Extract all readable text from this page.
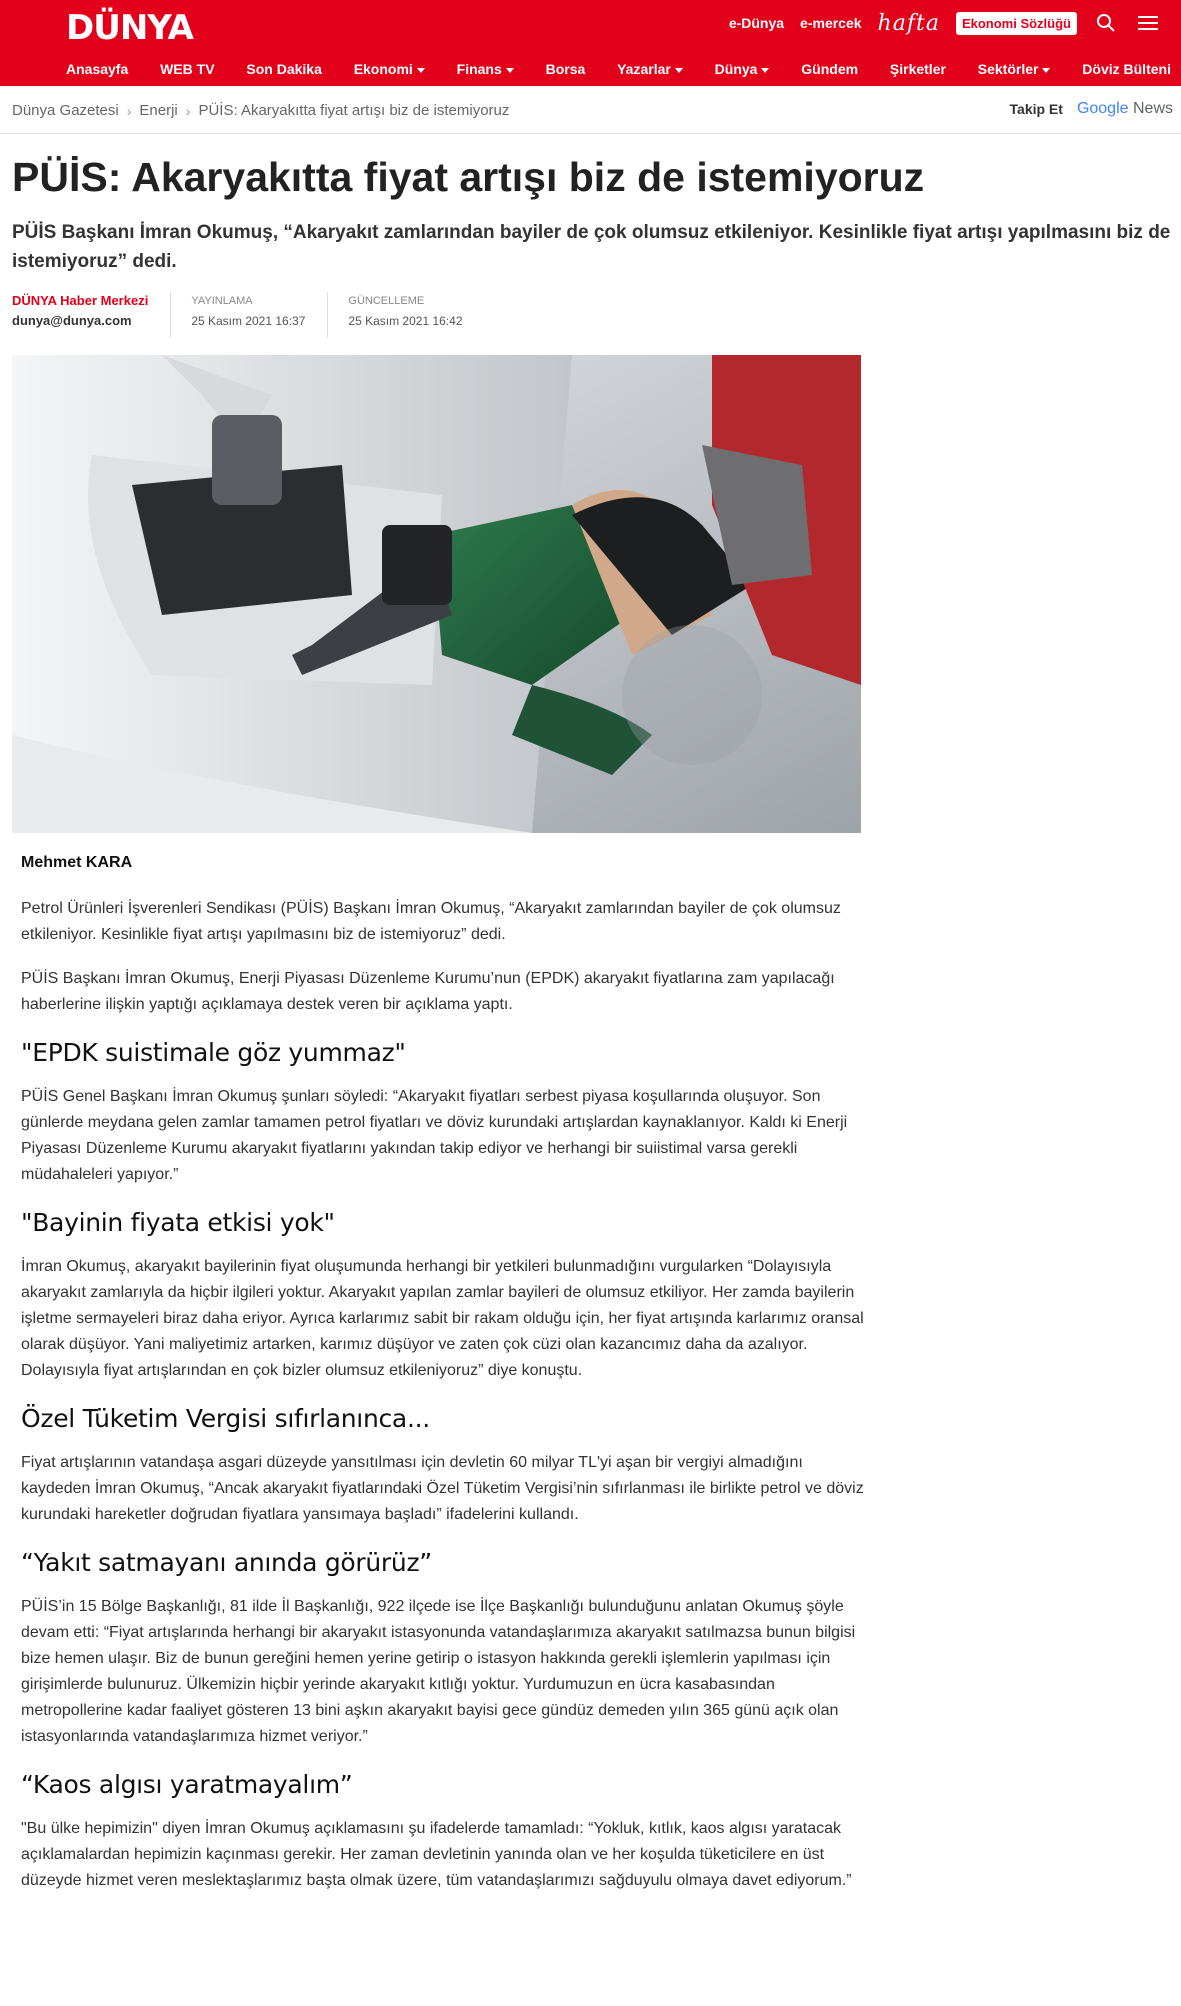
DÜNYA	e-Dünya e-mercek hafta	Ekonomi Sözlüğü
Anasayfa WEB TV Son Dakika Ekonomi	Finans	Borsa Yazarlar	Dünya	Gündem Şirketler Sektörler	Döviz Bülteni
Dünya Gazetesi › Enerji › PÜİS: Akaryakıtta fiyat artışı biz de istemiyoruz	Takip Et Google News
PÜİS: Akaryakıtta fiyat artışı biz de istemiyoruz

PÜİS Başkanı İmran Okumuş, “Akaryakıt zamlarından bayiler de çok olumsuz etkileniyor. Kesinlikle fiyat artışı yapılmasını biz de istemiyoruz” dedi.

DÜNYA Haber Merkezi
dunya@dunya.com
YAYINLAMA
25 Kasım 2021 16:37
GÜNCELLEME
25 Kasım 2021 16:42
Mehmet KARA

Petrol Ürünleri İşverenleri Sendikası (PÜİS) Başkanı İmran Okumuş, “Akaryakıt zamlarından bayiler de çok olumsuz etkileniyor. Kesinlikle fiyat artışı yapılmasını biz de istemiyoruz” dedi.

PÜİS Başkanı İmran Okumuş, Enerji Piyasası Düzenleme Kurumu’nun (EPDK) akaryakıt fiyatlarına zam yapılacağı haberlerine ilişkin yaptığı açıklamaya destek veren bir açıklama yaptı.

"EPDK suistimale göz yummaz"

PÜİS Genel Başkanı İmran Okumuş şunları söyledi: “Akaryakıt fiyatları serbest piyasa koşullarında oluşuyor. Son günlerde meydana gelen zamlar tamamen petrol fiyatları ve döviz kurundaki artışlardan kaynaklanıyor. Kaldı ki Enerji Piyasası Düzenleme Kurumu akaryakıt fiyatlarını yakından takip ediyor ve herhangi bir suiistimal varsa gerekli müdahaleleri yapıyor.”

"Bayinin fiyata etkisi yok"

İmran Okumuş, akaryakıt bayilerinin fiyat oluşumunda herhangi bir yetkileri bulunmadığını vurgularken “Dolayısıyla akaryakıt zamlarıyla da hiçbir ilgileri yoktur. Akaryakıt yapılan zamlar bayileri de olumsuz etkiliyor. Her zamda bayilerin işletme sermayeleri biraz daha eriyor. Ayrıca karlarımız sabit bir rakam olduğu için, her fiyat artışında karlarımız oransal olarak düşüyor. Yani maliyetimiz artarken, karımız düşüyor ve zaten çok cüzi olan kazancımız daha da azalıyor. Dolayısıyla fiyat artışlarından en çok bizler olumsuz etkileniyoruz” diye konuştu.

Özel Tüketim Vergisi sıfırlanınca...

Fiyat artışlarının vatandaşa asgari düzeyde yansıtılması için devletin 60 milyar TL'yi aşan bir vergiyi almadığını kaydeden İmran Okumuş, “Ancak akaryakıt fiyatlarındaki Özel Tüketim Vergisi’nin sıfırlanması ile birlikte petrol ve döviz kurundaki hareketler doğrudan fiyatlara yansımaya başladı” ifadelerini kullandı.

“Yakıt satmayanı anında görürüz”

PÜİS’in 15 Bölge Başkanlığı, 81 ilde İl Başkanlığı, 922 ilçede ise İlçe Başkanlığı bulunduğunu anlatan Okumuş şöyle devam etti: “Fiyat artışlarında herhangi bir akaryakıt istasyonunda vatandaşlarımıza akaryakıt satılmazsa bunun bilgisi bize hemen ulaşır. Biz de bunun gereğini hemen yerine getirip o istasyon hakkında gerekli işlemlerin yapılması için girişimlerde bulunuruz. Ülkemizin hiçbir yerinde akaryakıt kıtlığı yoktur. Yurdumuzun en ücra kasabasından metropollerine kadar faaliyet gösteren 13 bini aşkın akaryakıt bayisi gece gündüz demeden yılın 365 günü açık olan istasyonlarında vatandaşlarımıza hizmet veriyor.”

“Kaos algısı yaratmayalım”

"Bu ülke hepimizin" diyen İmran Okumuş açıklamasını şu ifadelerde tamamladı: “Yokluk, kıtlık, kaos algısı yaratacak açıklamalardan hepimizin kaçınması gerekir. Her zaman devletinin yanında olan ve her koşulda tüketicilere en üst düzeyde hizmet veren meslektaşlarımız başta olmak üzere, tüm vatandaşlarımızı sağduyulu olmaya davet ediyorum.”
